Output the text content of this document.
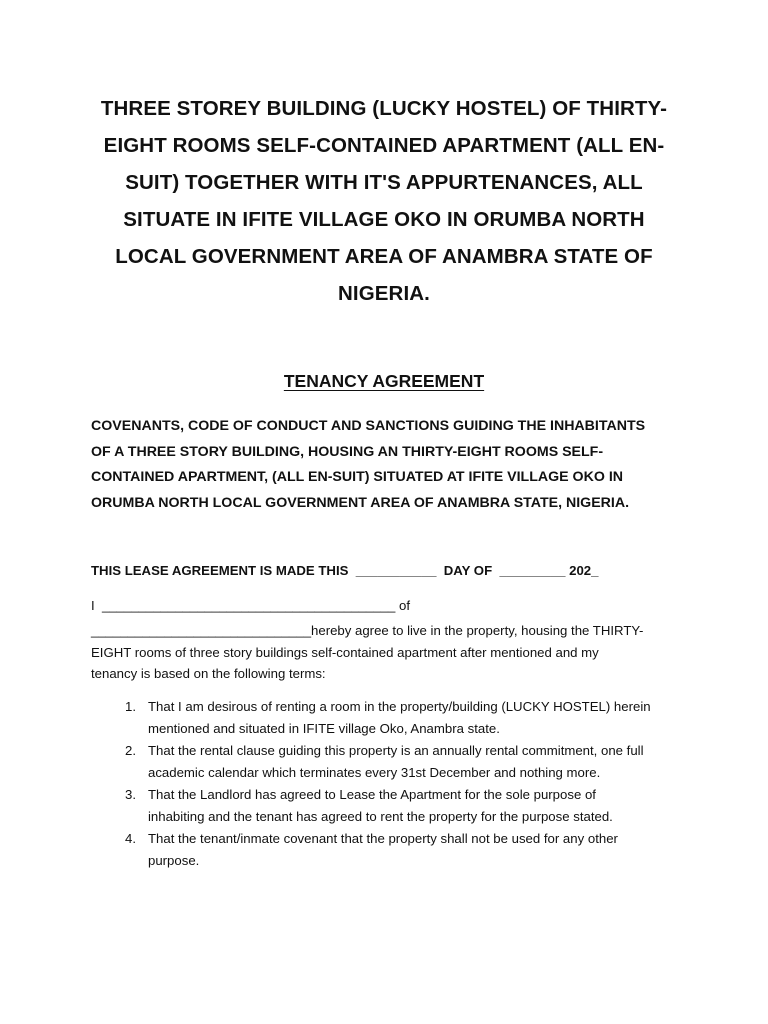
THREE STOREY BUILDING (LUCKY HOSTEL) OF THIRTY-
EIGHT ROOMS SELF-CONTAINED APARTMENT (ALL EN-
SUIT) TOGETHER WITH IT'S APPURTENANCES, ALL
SITUATE IN IFITE VILLAGE OKO IN ORUMBA NORTH
LOCAL GOVERNMENT AREA OF ANAMBRA STATE OF
NIGERIA.
TENANCY AGREEMENT
COVENANTS, CODE OF CONDUCT AND SANCTIONS GUIDING THE INHABITANTS
OF A THREE STORY BUILDING, HOUSING AN THIRTY-EIGHT ROOMS SELF-
CONTAINED APARTMENT, (ALL EN-SUIT) SITUATED AT IFITE VILLAGE OKO IN
ORUMBA NORTH LOCAL GOVERNMENT AREA OF ANAMBRA STATE, NIGERIA.
THIS LEASE AGREEMENT IS MADE THIS  ___________  DAY OF  _________ 202_
I  ________________________________________ of
______________________________hereby agree to live in the property, housing the THIRTY-
EIGHT rooms of three story buildings self-contained apartment after mentioned and my
tenancy is based on the following terms:
1. That I am desirous of renting a room in the property/building (LUCKY HOSTEL) herein
mentioned and situated in IFITE village Oko, Anambra state.
2. That the rental clause guiding this property is an annually rental commitment, one full
academic calendar which terminates every 31st December and nothing more.
3. That the Landlord has agreed to Lease the Apartment for the sole purpose of
inhabiting and the tenant has agreed to rent the property for the purpose stated.
4. That the tenant/inmate covenant that the property shall not be used for any other
purpose.
